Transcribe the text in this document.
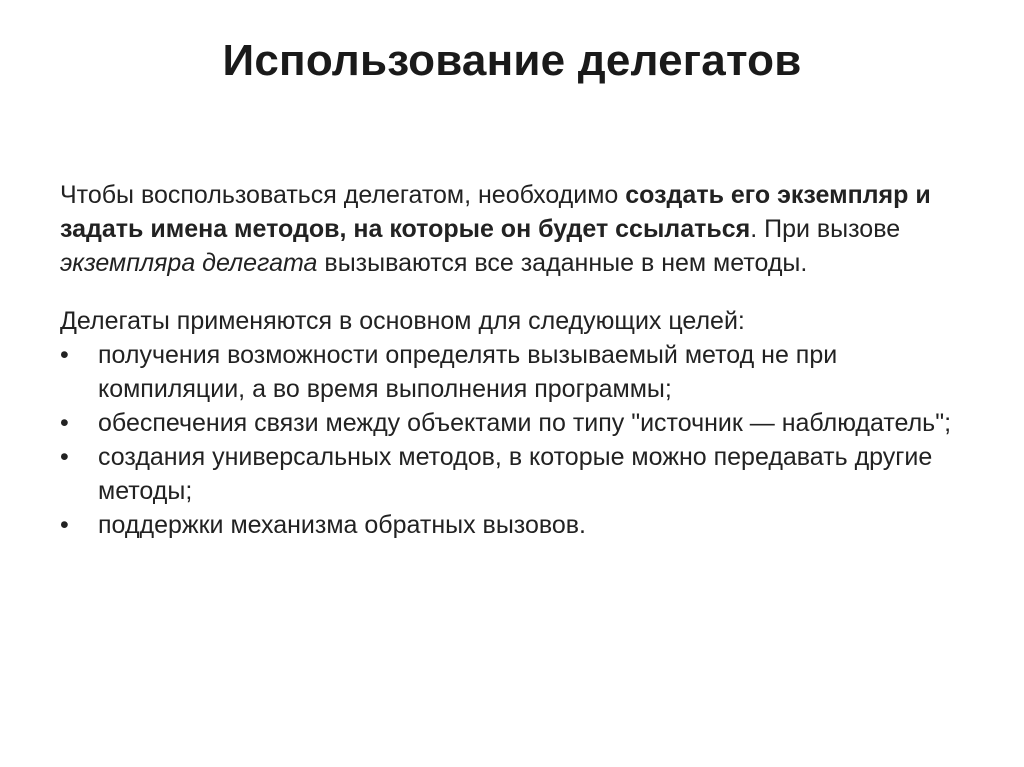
Использование делегатов

Чтобы воспользоваться делегатом, необходимо создать его экземпляр и задать имена методов, на которые он будет ссылаться. При вызове экземпляра делегата вызываются все заданные в нем методы.

Делегаты применяются в основном для следующих целей:

•	получения возможности определять вызываемый метод не при компиляции, а во время выполнения программы;
•	обеспечения связи между объектами по типу "источник — наблюдатель";
•	создания универсальных методов, в которые можно передавать другие методы;
•	поддержки механизма обратных вызовов.
